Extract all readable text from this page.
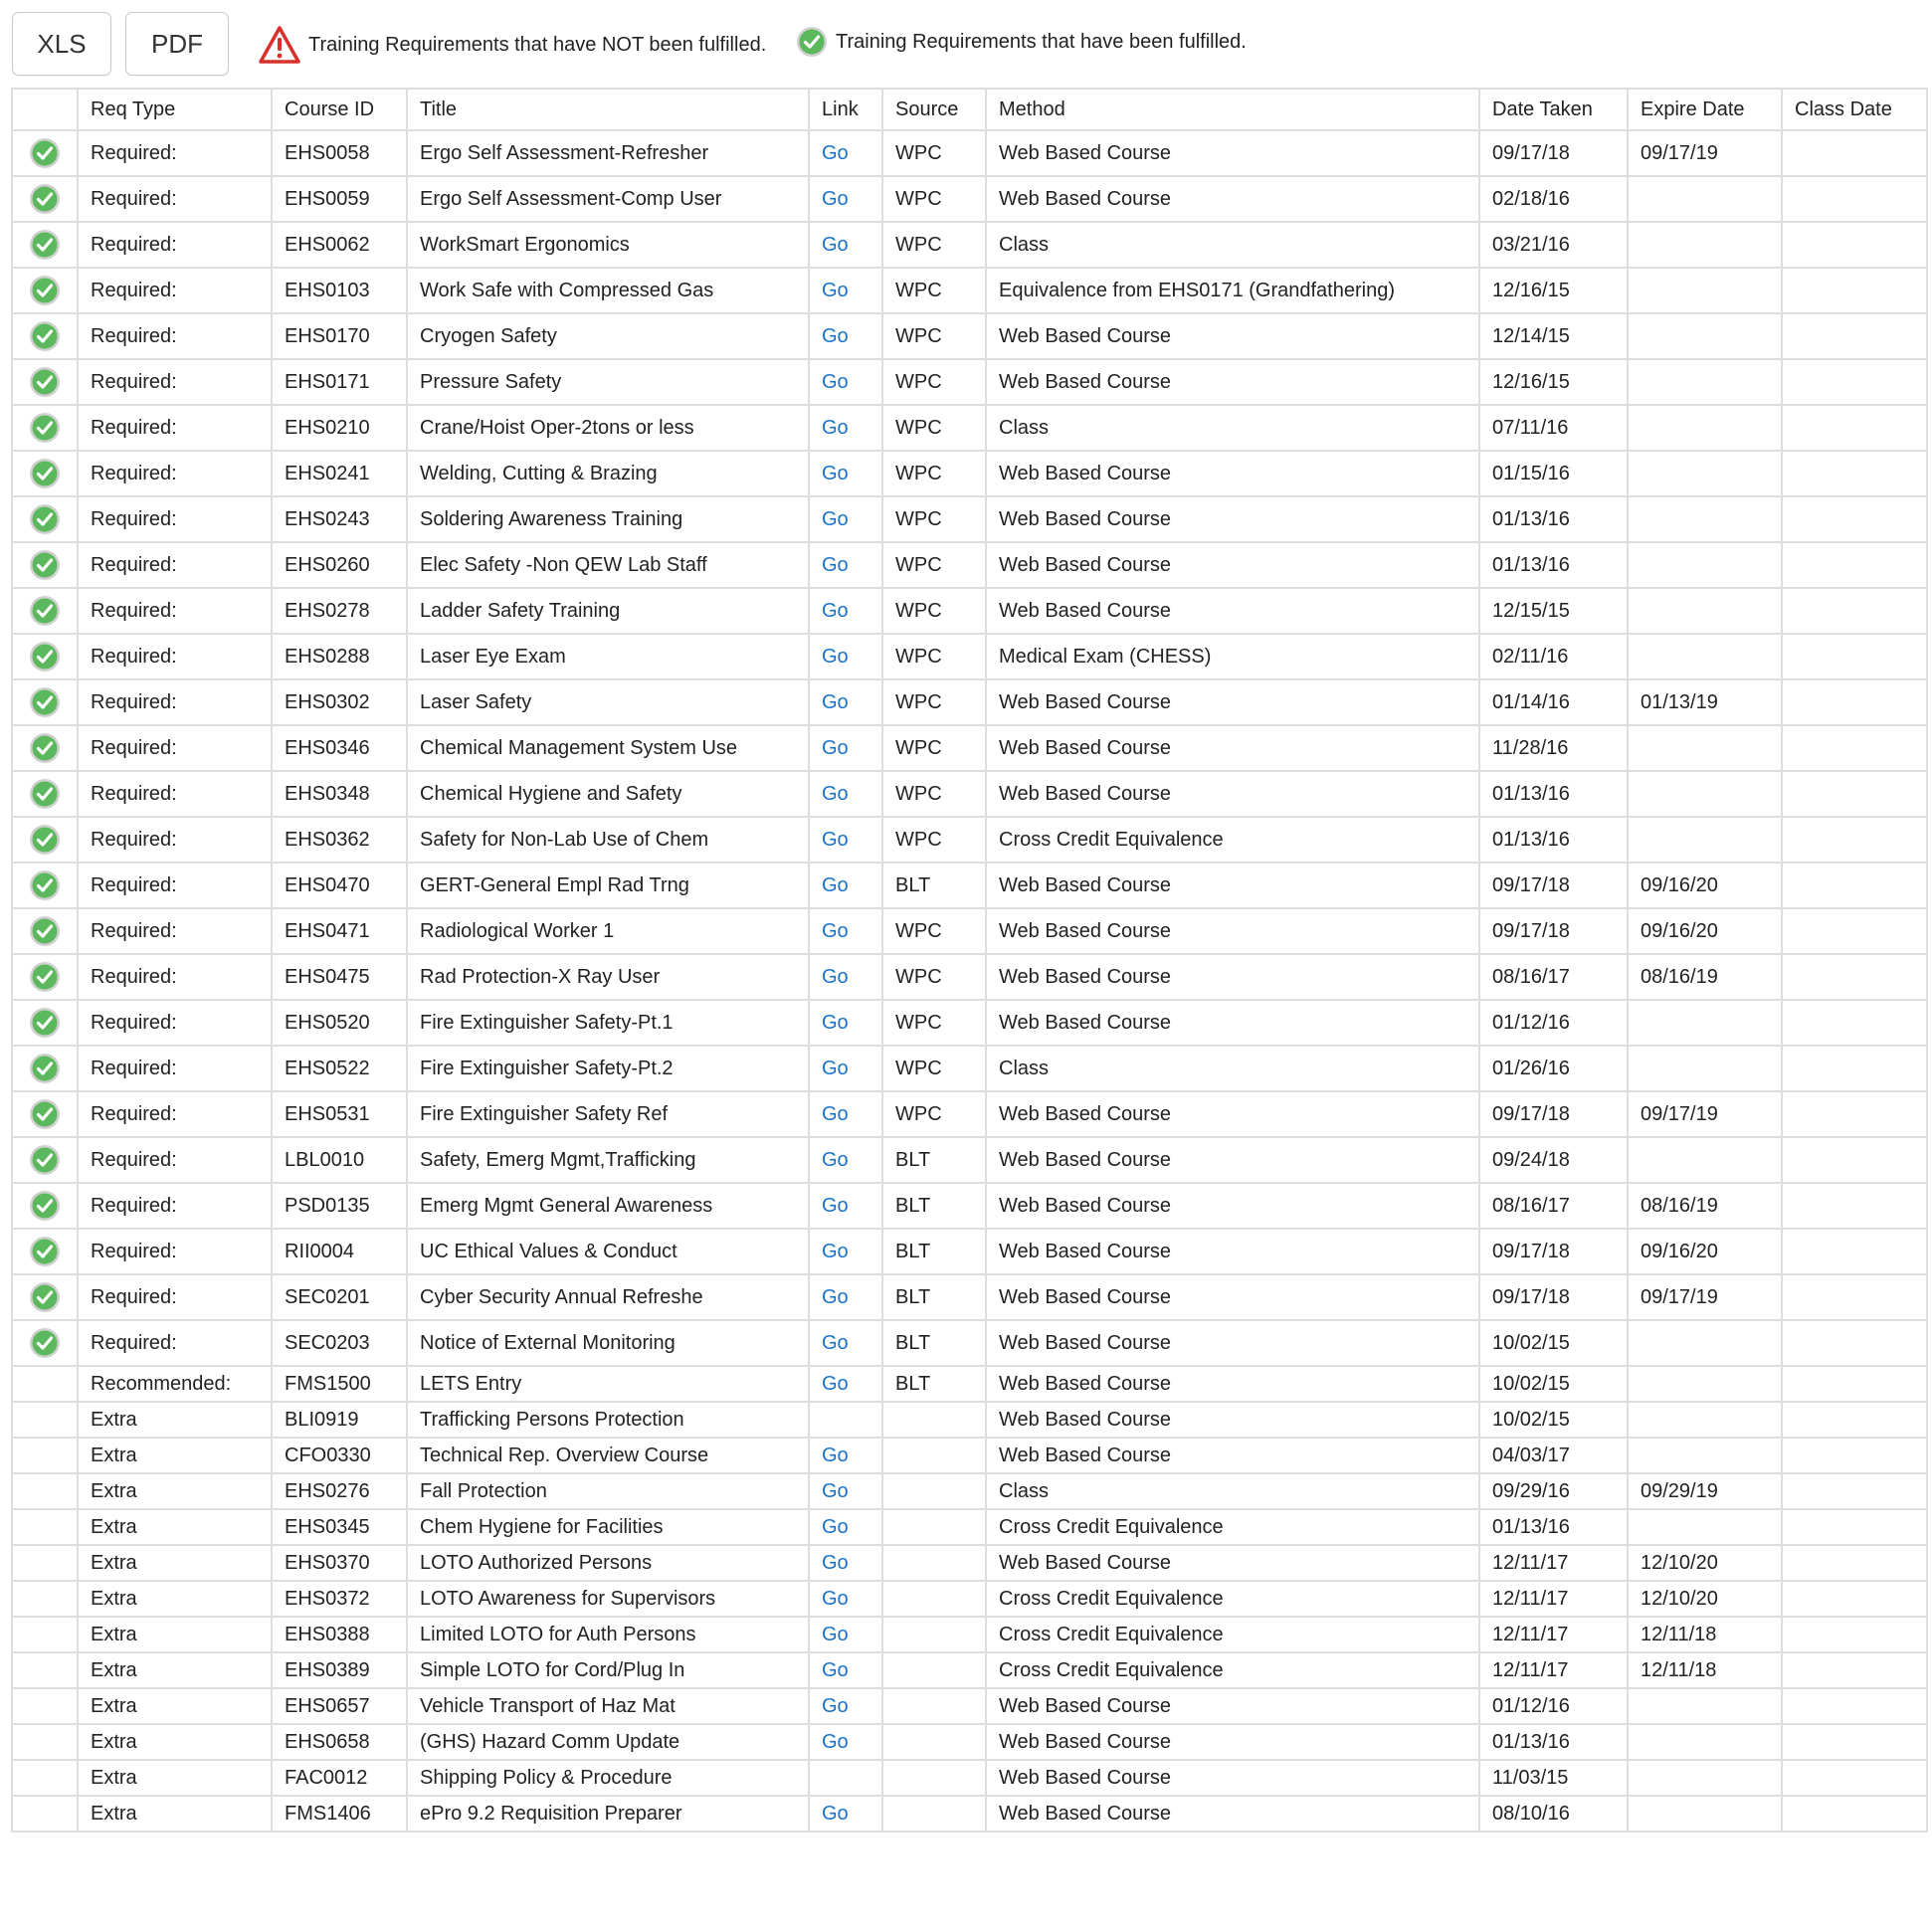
XLS	PDF	Training Requirements that have NOT been fulfilled.	Training Requirements that have been fulfilled.
	Req Type	Course ID	Title	Link	Source	Method	Date Taken	Expire Date	Class Date

	Required:	EHS0058	Ergo Self Assessment-Refresher	Go	WPC	Web Based Course	09/17/18	09/17/19	

	Required:	EHS0059	Ergo Self Assessment-Comp User	Go	WPC	Web Based Course	02/18/16		

	Required:	EHS0062	WorkSmart Ergonomics	Go	WPC	Class	03/21/16		

	Required:	EHS0103	Work Safe with Compressed Gas	Go	WPC	Equivalence from EHS0171 (Grandfathering)	12/16/15		

	Required:	EHS0170	Cryogen Safety	Go	WPC	Web Based Course	12/14/15		

	Required:	EHS0171	Pressure Safety	Go	WPC	Web Based Course	12/16/15		

	Required:	EHS0210	Crane/Hoist Oper-2tons or less	Go	WPC	Class	07/11/16		

	Required:	EHS0241	Welding, Cutting & Brazing	Go	WPC	Web Based Course	01/15/16		

	Required:	EHS0243	Soldering Awareness Training	Go	WPC	Web Based Course	01/13/16		

	Required:	EHS0260	Elec Safety -Non QEW Lab Staff	Go	WPC	Web Based Course	01/13/16		

	Required:	EHS0278	Ladder Safety Training	Go	WPC	Web Based Course	12/15/15		

	Required:	EHS0288	Laser Eye Exam	Go	WPC	Medical Exam (CHESS)	02/11/16		

	Required:	EHS0302	Laser Safety	Go	WPC	Web Based Course	01/14/16	01/13/19	

	Required:	EHS0346	Chemical Management System Use	Go	WPC	Web Based Course	11/28/16		

	Required:	EHS0348	Chemical Hygiene and Safety	Go	WPC	Web Based Course	01/13/16		

	Required:	EHS0362	Safety for Non-Lab Use of Chem	Go	WPC	Cross Credit Equivalence	01/13/16		

	Required:	EHS0470	GERT-General Empl Rad Trng	Go	BLT	Web Based Course	09/17/18	09/16/20	

	Required:	EHS0471	Radiological Worker 1	Go	WPC	Web Based Course	09/17/18	09/16/20	

	Required:	EHS0475	Rad Protection-X Ray User	Go	WPC	Web Based Course	08/16/17	08/16/19	

	Required:	EHS0520	Fire Extinguisher Safety-Pt.1	Go	WPC	Web Based Course	01/12/16		

	Required:	EHS0522	Fire Extinguisher Safety-Pt.2	Go	WPC	Class	01/26/16		

	Required:	EHS0531	Fire Extinguisher Safety Ref	Go	WPC	Web Based Course	09/17/18	09/17/19	

	Required:	LBL0010	Safety, Emerg Mgmt,Trafficking	Go	BLT	Web Based Course	09/24/18		

	Required:	PSD0135	Emerg Mgmt General Awareness	Go	BLT	Web Based Course	08/16/17	08/16/19	

	Required:	RII0004	UC Ethical Values & Conduct	Go	BLT	Web Based Course	09/17/18	09/16/20	

	Required:	SEC0201	Cyber Security Annual Refreshe	Go	BLT	Web Based Course	09/17/18	09/17/19	

	Required:	SEC0203	Notice of External Monitoring	Go	BLT	Web Based Course	10/02/15		
	Recommended:	FMS1500	LETS Entry	Go	BLT	Web Based Course	10/02/15		
	Extra	BLI0919	Trafficking Persons Protection			Web Based Course	10/02/15		
	Extra	CFO0330	Technical Rep. Overview Course	Go		Web Based Course	04/03/17		
	Extra	EHS0276	Fall Protection	Go		Class	09/29/16	09/29/19	
	Extra	EHS0345	Chem Hygiene for Facilities	Go		Cross Credit Equivalence	01/13/16		
	Extra	EHS0370	LOTO Authorized Persons	Go		Web Based Course	12/11/17	12/10/20	
	Extra	EHS0372	LOTO Awareness for Supervisors	Go		Cross Credit Equivalence	12/11/17	12/10/20	
	Extra	EHS0388	Limited LOTO for Auth Persons	Go		Cross Credit Equivalence	12/11/17	12/11/18	
	Extra	EHS0389	Simple LOTO for Cord/Plug In	Go		Cross Credit Equivalence	12/11/17	12/11/18	
	Extra	EHS0657	Vehicle Transport of Haz Mat	Go		Web Based Course	01/12/16		
	Extra	EHS0658	(GHS) Hazard Comm Update	Go		Web Based Course	01/13/16		
	Extra	FAC0012	Shipping Policy & Procedure			Web Based Course	11/03/15		
	Extra	FMS1406	ePro 9.2 Requisition Preparer	Go		Web Based Course	08/10/16		
